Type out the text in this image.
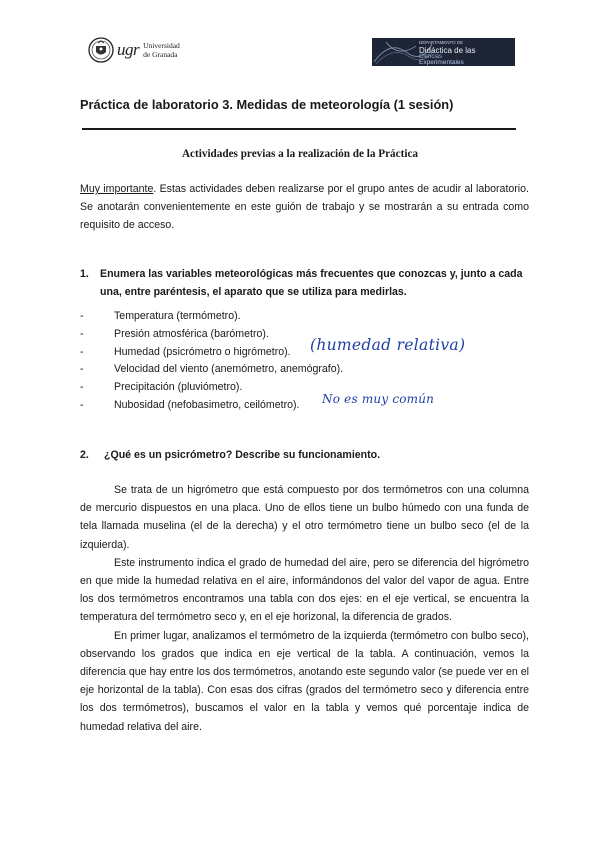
ugr Universidad
de Granada
DEPARTAMENTO DE
Didáctica de las
Ciencias
Experimentales
Práctica de laboratorio 3. Medidas de meteorología (1 sesión)
Actividades previas a la realización de la Práctica
Muy importante. Estas actividades deben realizarse por el grupo antes de acudir al laboratorio. Se anotarán convenientemente en este guión de trabajo y se mostrarán a su entrada como requisito de acceso.
1.	Enumera las variables meteorológicas más frecuentes que conozcas y, junto a cada una, entre paréntesis, el aparato que se utiliza para medirlas.
-	Temperatura (termómetro).
-	Presión atmosférica (barómetro).
-	Humedad (psicrómetro o higrómetro).
-	Velocidad del viento (anemómetro, anemógrafo).
-	Precipitación (pluviómetro).
-	Nubosidad (nefobasimetro, ceilómetro).
(humedad relativa)
No es muy común
2. ¿Qué es un psicrómetro? Describe su funcionamiento.

Se trata de un higrómetro que está compuesto por dos termómetros con una columna de mercurio dispuestos en una placa. Uno de ellos tiene un bulbo húmedo con una funda de tela llamada muselina (el de la derecha) y el otro termómetro tiene un bulbo seco (el de la izquierda).

Este instrumento indica el grado de humedad del aire, pero se diferencia del higrómetro en que mide la humedad relativa en el aire, informándonos del valor del vapor de agua. Entre los dos termómetros encontramos una tabla con dos ejes: en el eje vertical, se encuentra la temperatura del termómetro seco y, en el eje horizonal, la diferencia de grados.

En primer lugar, analizamos el termómetro de la izquierda (termómetro con bulbo seco), observando los grados que indica en eje vertical de la tabla. A continuación, vemos la diferencia que hay entre los dos termómetros, anotando este segundo valor (se puede ver en el eje horizontal de la tabla). Con esas dos cifras (grados del termómetro seco y diferencia entre los dos termómetros), buscamos el valor en la tabla y vemos qué porcentaje indica de humedad relativa del aire.
